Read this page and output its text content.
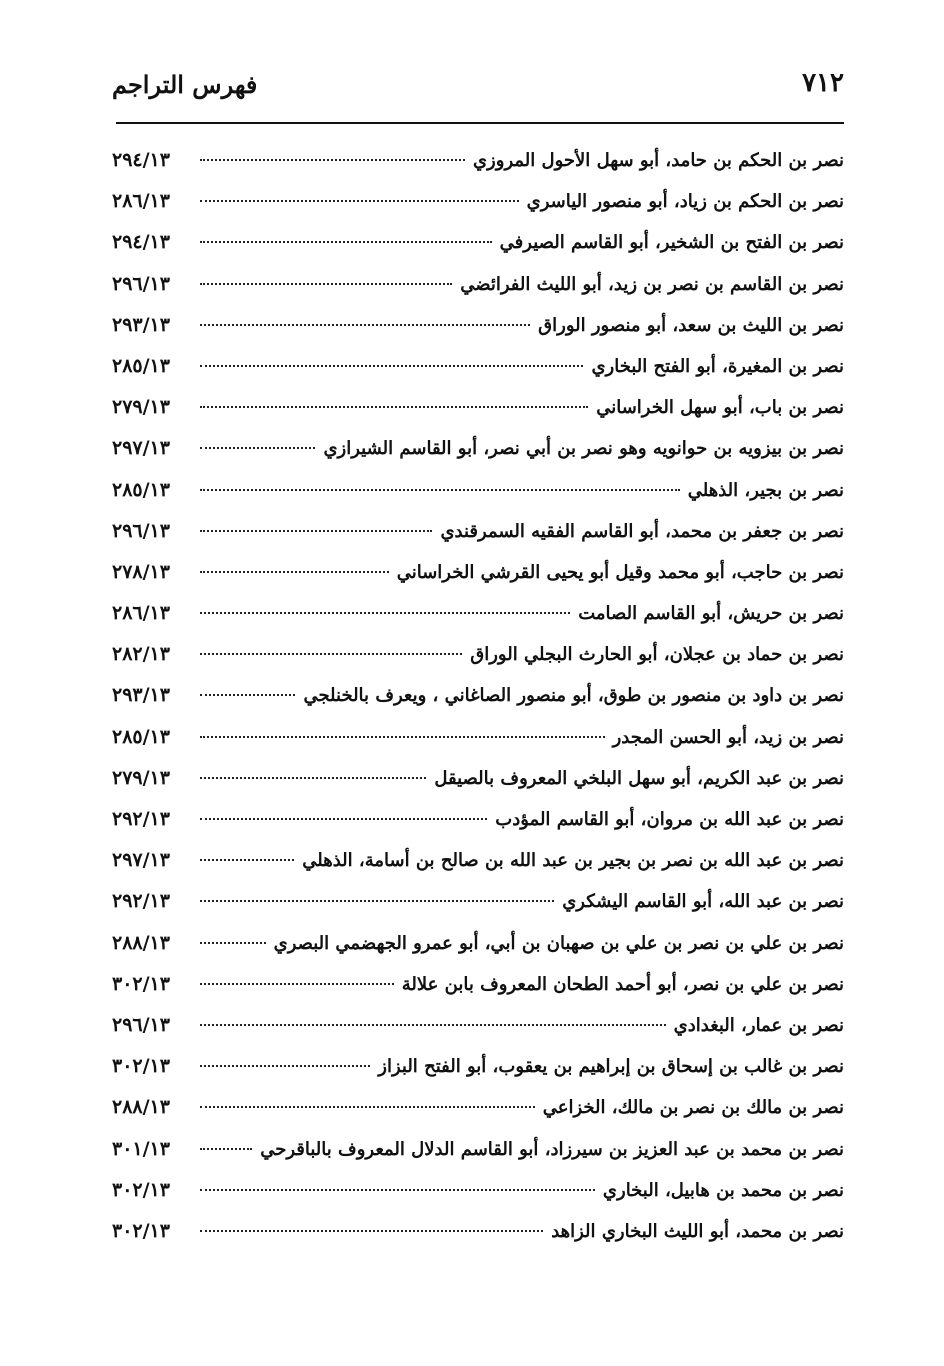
٧١٢
فهرس التراجم
نصر بن الحكم بن حامد، أبو سهل الأحول المروزي
٢٩٤/١٣
نصر بن الحكم بن زياد، أبو منصور الياسري
٢٨٦/١٣
نصر بن الفتح بن الشخير، أبو القاسم الصيرفي
٢٩٤/١٣
نصر بن القاسم بن نصر بن زيد، أبو الليث الفرائضي
٢٩٦/١٣
نصر بن الليث بن سعد، أبو منصور الوراق
٢٩٣/١٣
نصر بن المغيرة، أبو الفتح البخاري
٢٨٥/١٣
نصر بن باب، أبو سهل الخراساني
٢٧٩/١٣
نصر بن بيزويه بن حوانويه وهو نصر بن أبي نصر، أبو القاسم الشيرازي
٢٩٧/١٣
نصر بن بجير، الذهلي
٢٨٥/١٣
نصر بن جعفر بن محمد، أبو القاسم الفقيه السمرقندي
٢٩٦/١٣
نصر بن حاجب، أبو محمد وقيل أبو يحيى القرشي الخراساني
٢٧٨/١٣
نصر بن حريش، أبو القاسم الصامت
٢٨٦/١٣
نصر بن حماد بن عجلان، أبو الحارث البجلي الوراق
٢٨٢/١٣
نصر بن داود بن منصور بن طوق، أبو منصور الصاغاني ، ويعرف بالخنلجي
٢٩٣/١٣
نصر بن زيد، أبو الحسن المجدر
٢٨٥/١٣
نصر بن عبد الكريم، أبو سهل البلخي المعروف بالصيقل
٢٧٩/١٣
نصر بن عبد الله بن مروان، أبو القاسم المؤدب
٢٩٢/١٣
نصر بن عبد الله بن نصر بن بجير بن عبد الله بن صالح بن أسامة، الذهلي
٢٩٧/١٣
نصر بن عبد الله، أبو القاسم اليشكري
٢٩٢/١٣
نصر بن علي بن نصر بن علي بن صهبان بن أبي، أبو عمرو الجهضمي البصري
٢٨٨/١٣
نصر بن علي بن نصر، أبو أحمد الطحان المعروف بابن علالة
٣٠٢/١٣
نصر بن عمار، البغدادي
٢٩٦/١٣
نصر بن غالب بن إسحاق بن إبراهيم بن يعقوب، أبو الفتح البزاز
٣٠٢/١٣
نصر بن مالك بن نصر بن مالك، الخزاعي
٢٨٨/١٣
نصر بن محمد بن عبد العزيز بن سيرزاد، أبو القاسم الدلال المعروف بالباقرحي
٣٠١/١٣
نصر بن محمد بن هابيل، البخاري
٣٠٢/١٣
نصر بن محمد، أبو الليث البخاري الزاهد
٣٠٢/١٣
